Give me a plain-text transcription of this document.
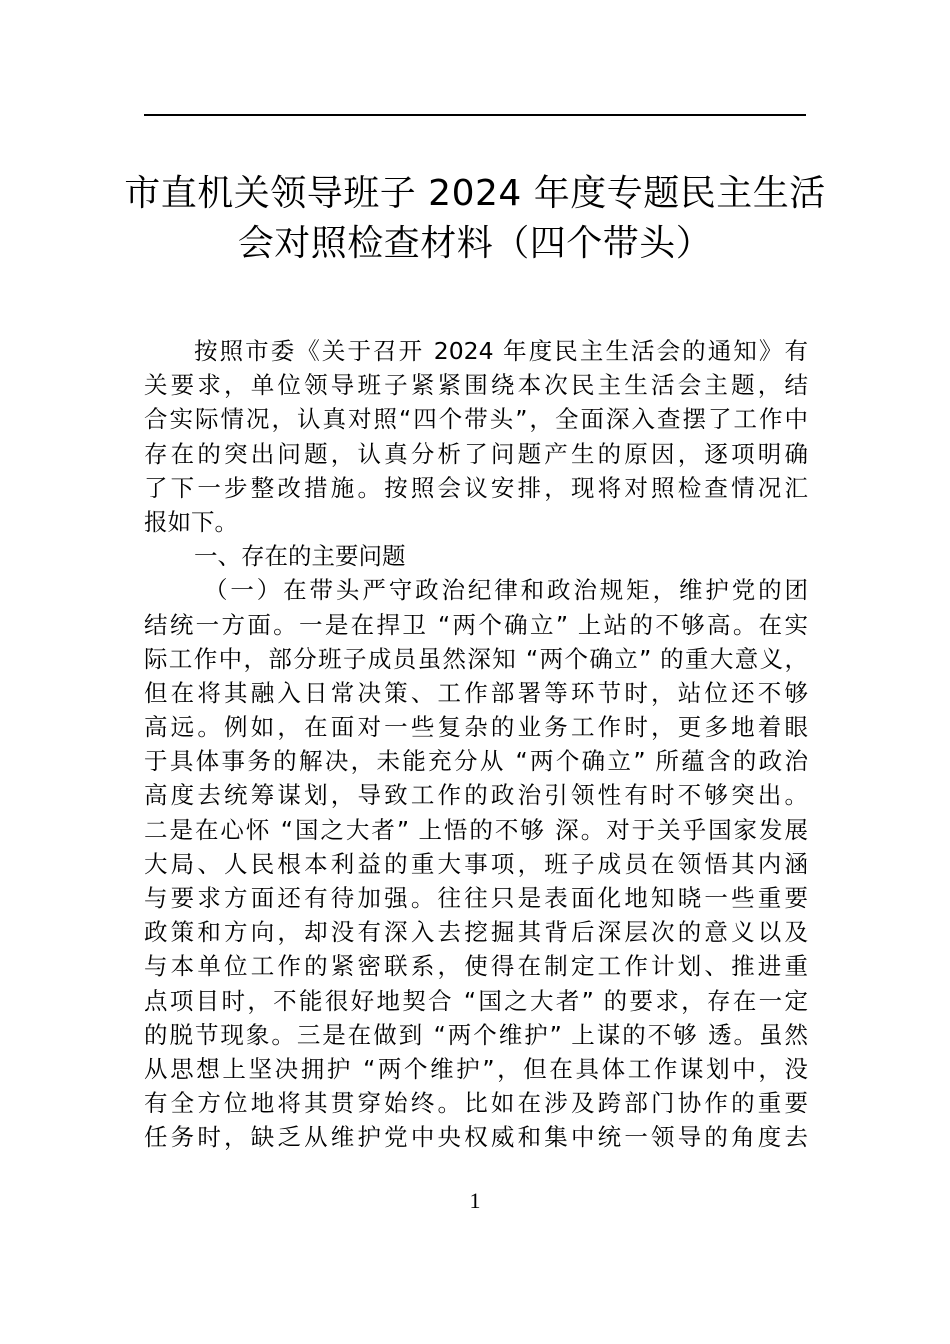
市直机关领导班子 2024 年度专题民主生活
会对照检查材料（四个带头）
按照市委《关于召开 2024 年度民主生活会的通知》有
关要求，单位领导班子紧紧围绕本次民主生活会主题，结
合实际情况，认真对照“四个带头”，全面深入查摆了工作中
存在的突出问题，认真分析了问题产生的原因，逐项明确
了下一步整改措施。按照会议安排，现将对照检查情况汇
报如下。
一、存在的主要问题
（一）在带头严守政治纪律和政治规矩，维护党的团
结统一方面。一是在捍卫 “两个确立” 上站的不够高。在实
际工作中，部分班子成员虽然深知 “两个确立” 的重大意义，
但在将其融入日常决策、工作部署等环节时，站位还不够
高远。例如，在面对一些复杂的业务工作时，更多地着眼
于具体事务的解决，未能充分从 “两个确立” 所蕴含的政治
高度去统筹谋划，导致工作的政治引领性有时不够突出。
二是在心怀 “国之大者” 上悟的不够 深。对于关乎国家发展
大局、人民根本利益的重大事项，班子成员在领悟其内涵
与要求方面还有待加强。往往只是表面化地知晓一些重要
政策和方向，却没有深入去挖掘其背后深层次的意义以及
与本单位工作的紧密联系，使得在制定工作计划、推进重
点项目时，不能很好地契合 “国之大者” 的要求，存在一定
的脱节现象。三是在做到 “两个维护” 上谋的不够 透。虽然
从思想上坚决拥护 “两个维护”，但在具体工作谋划中，没
有全方位地将其贯穿始终。比如在涉及跨部门协作的重要
任务时，缺乏从维护党中央权威和集中统一领导的角度去
1
